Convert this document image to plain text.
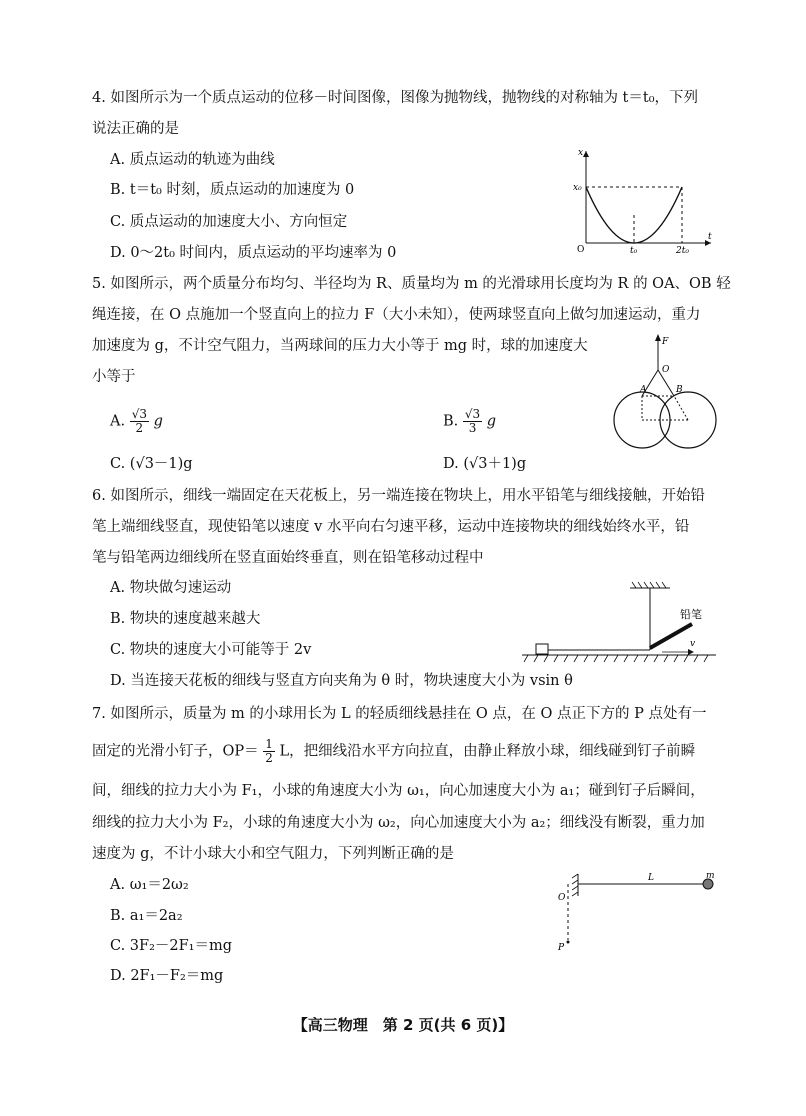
4. 如图所示为一个质点运动的位移－时间图像，图像为抛物线，抛物线的对称轴为 t＝t₀，下列
说法正确的是
A. 质点运动的轨迹为曲线
B. t＝t₀ 时刻，质点运动的加速度为 0
C. 质点运动的加速度大小、方向恒定
D. 0～2t₀ 时间内，质点运动的平均速率为 0
x
t
x₀
O	t₀	2t₀
5. 如图所示，两个质量分布均匀、半径均为 R、质量均为 m 的光滑球用长度均为 R 的 OA、OB 轻
绳连接，在 O 点施加一个竖直向上的拉力 F（大小未知），使两球竖直向上做匀加速运动，重力
加速度为 g，不计空气阻力，当两球间的压力大小等于 mg 时，球的加速度大
小等于
A. $\frac{√3}{2}$ g	B. $\frac{√3}{3}$ g
C. (√3－1)g	D. (√3＋1)g
F
O
A	B
6. 如图所示，细线一端固定在天花板上，另一端连接在物块上，用水平铅笔与细线接触，开始铅
笔上端细线竖直，现使铅笔以速度 v 水平向右匀速平移，运动中连接物块的细线始终水平，铅
笔与铅笔两边细线所在竖直面始终垂直，则在铅笔移动过程中
A. 物块做匀速运动
B. 物块的速度越来越大
C. 物块的速度大小可能等于 2v
D. 当连接天花板的细线与竖直方向夹角为 θ 时，物块速度大小为 vsin θ
铅笔
v
7. 如图所示，质量为 m 的小球用长为 L 的轻质细线悬挂在 O 点，在 O 点正下方的 P 点处有一
固定的光滑小钉子，$OP= \frac{1}{2}$ L，把细线沿水平方向拉直，由静止释放小球，细线碰到钉子前瞬
间，细线的拉力大小为 F₁，小球的角速度大小为 ω₁，向心加速度大小为 a₁；碰到钉子后瞬间，
细线的拉力大小为 F₂，小球的角速度大小为 ω₂，向心加速度大小为 a₂；细线没有断裂，重力加
速度为 g，不计小球大小和空气阻力，下列判断正确的是
A. ω₁＝2ω₂
B. a₁＝2a₂
C. 3F₂－2F₁＝mg
D. 2F₁－F₂＝mg
O
L	m
P
【高三物理　第 2 页(共 6 页)】
